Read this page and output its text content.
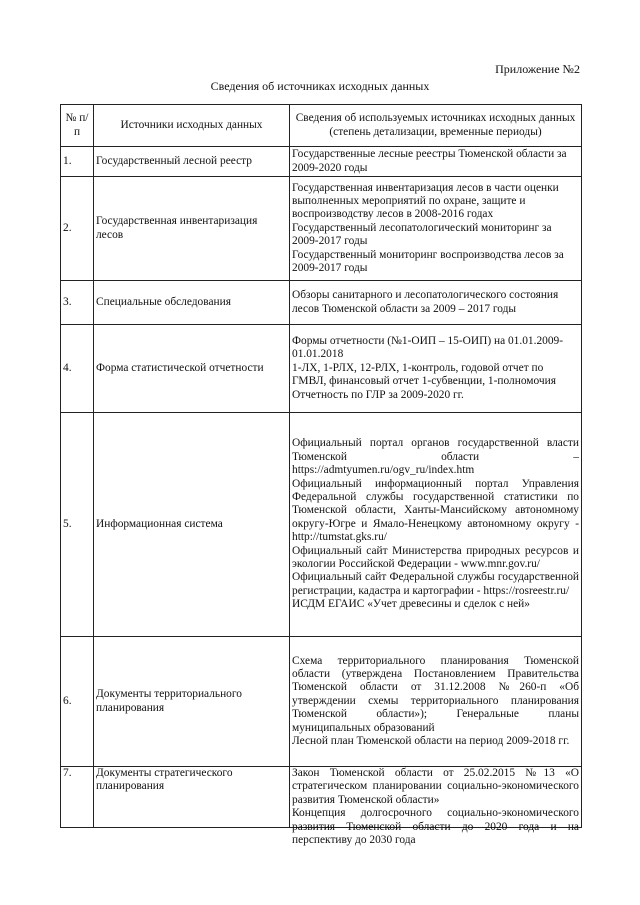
Приложение №2
Сведения об источниках исходных данных
№ п/п	Источники исходных данных	Сведения об используемых источниках исходных данных (степень детализации, временные периоды)
1.	Государственный лесной реестр	Государственные лесные реестры Тюменской области за 2009-2020 годы

2.	Государственная инвентаризация лесов	Государственная инвентаризация лесов в части оценки выполненных мероприятий по охране, защите и воспроизводству лесов в 2008-2016 годах
Государственный лесопатологический мониторинг за 2009-2017 годы
Государственный мониторинг воспроизводства лесов за 2009-2017 годы

3.	Специальные обследования	Обзоры санитарного и лесопатологического состояния лесов Тюменской области за 2009 – 2017 годы

4.	Форма статистической отчетности	Формы отчетности (№1-ОИП – 15-ОИП) на 01.01.2009-01.01.2018
1-ЛХ, 1-РЛХ, 12-РЛХ, 1-контроль, годовой отчет по ГМВЛ, финансовый отчет 1-субвенции, 1-полномочия
Отчетность по ГЛР за 2009-2020 гг.

5.	Информационная система	Официальный портал органов государственной власти Тюменской области – https://admtyumen.ru/ogv_ru/index.htm
Официальный информационный портал Управления Федеральной службы государственной статистики по Тюменской области, Ханты-Мансийскому автономному округу-Югре и Ямало-Ненецкому автономному округу - http://tumstat.gks.ru/
Официальный сайт Министерства природных ресурсов и экологии Российской Федерации - www.mnr.gov.ru/
Официальный сайт Федеральной службы государственной регистрации, кадастра и картографии - https://rosreestr.ru/
ИСДМ ЕГАИС «Учет древесины и сделок с ней»

6.	Документы территориального планирования	Схема территориального планирования Тюменской области (утверждена Постановлением Правительства Тюменской области от 31.12.2008 №260-п «Об утверждении схемы территориального планирования Тюменской области»); Генеральные планы муниципальных образований
Лесной план Тюменской области на период 2009-2018 гг.

7.	Документы стратегического планирования	Закон Тюменской области от 25.02.2015 №13 «О стратегическом планировании социально-экономического развития Тюменской области»
Концепция долгосрочного социально-экономического развития Тюменской области до 2020 года и на перспективу до 2030 года
